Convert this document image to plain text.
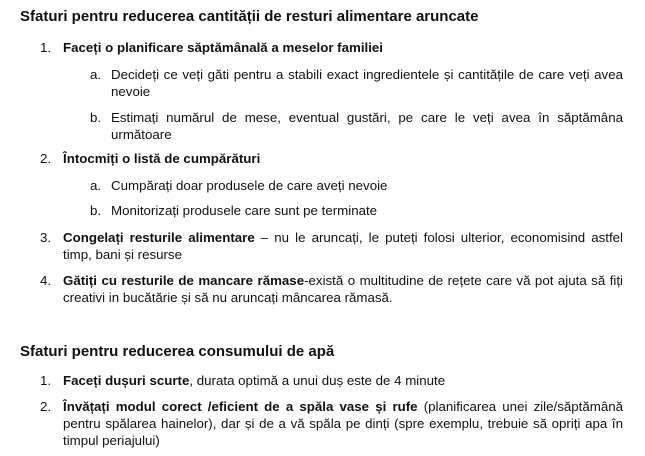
Sfaturi pentru reducerea cantității de resturi alimentare aruncate
1. Faceți o planificare săptămânală a meselor familiei
a. Decideți ce veți găti pentru a stabili exact ingredientele și cantitățile de care veți avea nevoie
b. Estimați numărul de mese, eventual gustări, pe care le veți avea în săptămâna următoare
2. Întocmiți o listă de cumpărături
a. Cumpărați doar produsele de care aveți nevoie
b. Monitorizați produsele care sunt pe terminate
3. Congelați resturile alimentare – nu le aruncați, le puteți folosi ulterior, economisind astfel timp, bani și resurse
4. Gătiți cu resturile de mancare rămase-există o multitudine de rețete care vă pot ajuta să fiți creativi in bucătărie și să nu aruncați mâncarea rămasă.
Sfaturi pentru reducerea consumului de apă
1. Faceți dușuri scurte, durata optimă a unui duș este de 4 minute
2. Învățați modul corect /eficient de a spăla vase și rufe (planificarea unei zile/săptămână pentru spălarea hainelor), dar și de a vă spăla pe dinți (spre exemplu, trebuie să opriți apa în timpul periajului)
